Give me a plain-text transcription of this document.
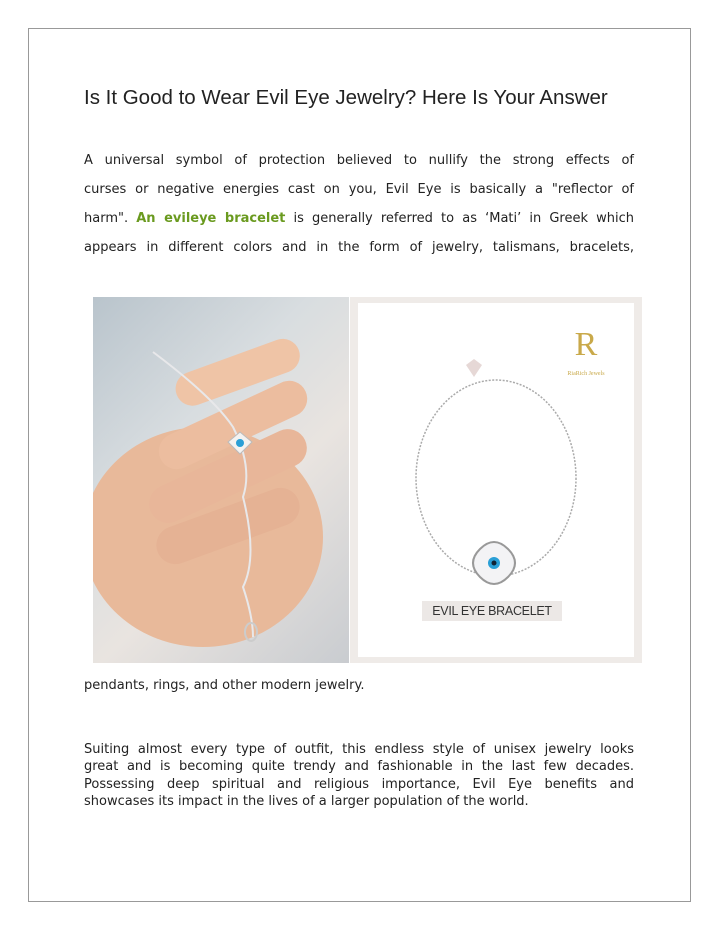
Is It Good to Wear Evil Eye Jewelry? Here Is Your Answer
A universal symbol of protection believed to nullify the strong effects of
curses or negative energies cast on you, Evil Eye is basically a "reflector of
harm". An evileye bracelet is generally referred to as ‘Mati’ in Greek which
appears in different colors and in the form of jewelry, talismans, bracelets,
R
RiaRich Jewels
EVIL EYE BRACELET
pendants, rings, and other modern jewelry.
Suiting almost every type of outfit, this endless style of unisex jewelry looks
great and is becoming quite trendy and fashionable in the last few decades.
Possessing deep spiritual and religious importance, Evil Eye benefits and
showcases its impact in the lives of a larger population of the world.
